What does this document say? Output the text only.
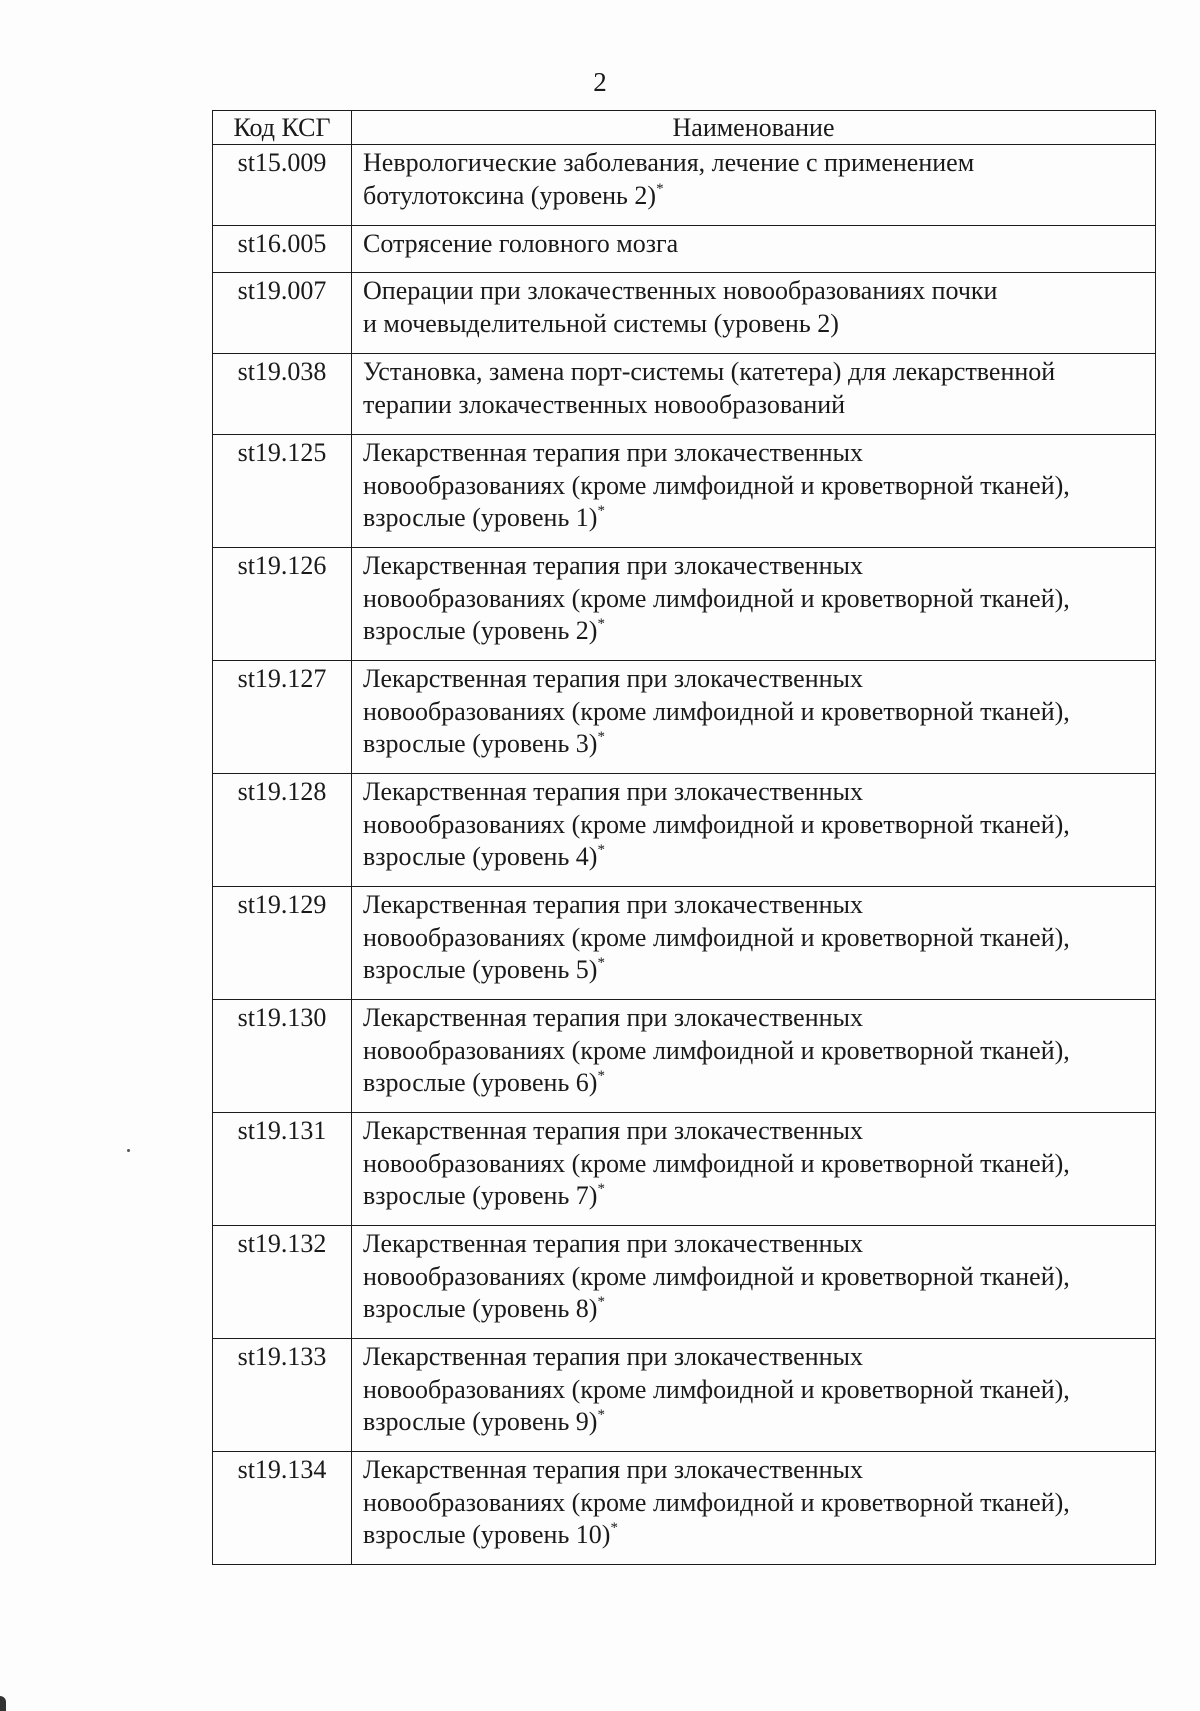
2
Код КСГ	Наименование
st15.009	Неврологические заболевания, лечение с применением
ботулотоксина (уровень 2)*

st16.005	Сотрясение головного мозга

st19.007	Операции при злокачественных новообразованиях почки
и мочевыделительной системы (уровень 2)

st19.038	Установка, замена порт-системы (катетера) для лекарственной
терапии злокачественных новообразований

st19.125	Лекарственная терапия при злокачественных
новообразованиях (кроме лимфоидной и кроветворной тканей),
взрослые (уровень 1)*

st19.126	Лекарственная терапия при злокачественных
новообразованиях (кроме лимфоидной и кроветворной тканей),
взрослые (уровень 2)*

st19.127	Лекарственная терапия при злокачественных
новообразованиях (кроме лимфоидной и кроветворной тканей),
взрослые (уровень 3)*

st19.128	Лекарственная терапия при злокачественных
новообразованиях (кроме лимфоидной и кроветворной тканей),
взрослые (уровень 4)*

st19.129	Лекарственная терапия при злокачественных
новообразованиях (кроме лимфоидной и кроветворной тканей),
взрослые (уровень 5)*

st19.130	Лекарственная терапия при злокачественных
новообразованиях (кроме лимфоидной и кроветворной тканей),
взрослые (уровень 6)*

st19.131	Лекарственная терапия при злокачественных
новообразованиях (кроме лимфоидной и кроветворной тканей),
взрослые (уровень 7)*

st19.132	Лекарственная терапия при злокачественных
новообразованиях (кроме лимфоидной и кроветворной тканей),
взрослые (уровень 8)*

st19.133	Лекарственная терапия при злокачественных
новообразованиях (кроме лимфоидной и кроветворной тканей),
взрослые (уровень 9)*

st19.134	Лекарственная терапия при злокачественных
новообразованиях (кроме лимфоидной и кроветворной тканей),
взрослые (уровень 10)*
